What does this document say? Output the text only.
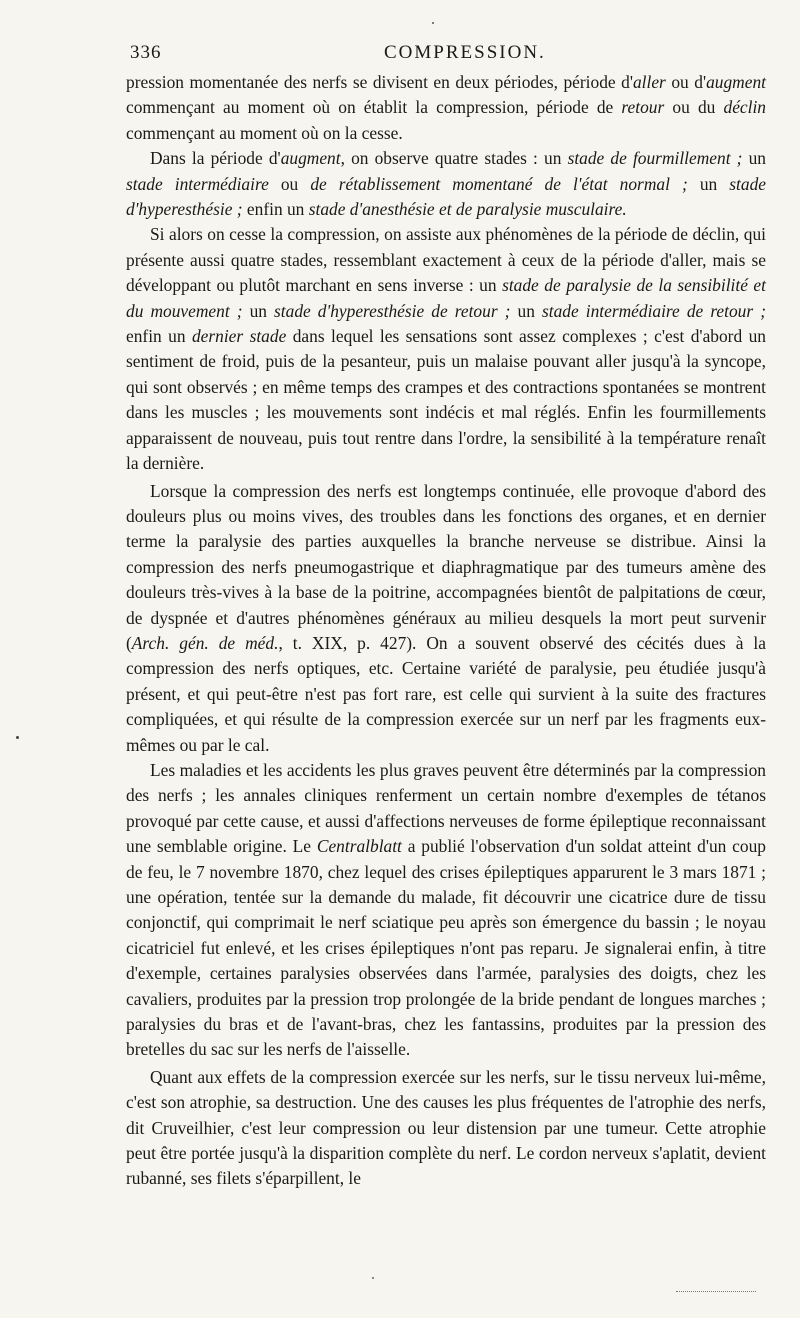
336	COMPRESSION.

pression momentanée des nerfs se divisent en deux périodes, période d'aller ou d'augment commençant au moment où on établit la compression, période de retour ou du déclin commençant au moment où on la cesse.

Dans la période d'augment, on observe quatre stades : un stade de fourmillement ; un stade intermédiaire ou de rétablissement momentané de l'état normal ; un stade d'hyperesthésie ; enfin un stade d'anesthésie et de paralysie musculaire.

Si alors on cesse la compression, on assiste aux phénomènes de la période de déclin, qui présente aussi quatre stades, ressemblant exactement à ceux de la période d'aller, mais se développant ou plutôt marchant en sens inverse : un stade de paralysie de la sensibilité et du mouvement ; un stade d'hyperesthésie de retour ; un stade intermédiaire de retour ; enfin un dernier stade dans lequel les sensations sont assez complexes ; c'est d'abord un sentiment de froid, puis de la pesanteur, puis un malaise pouvant aller jusqu'à la syncope, qui sont observés ; en même temps des crampes et des contractions spontanées se montrent dans les muscles ; les mouvements sont indécis et mal réglés. Enfin les fourmillements apparaissent de nouveau, puis tout rentre dans l'ordre, la sensibilité à la température renaît la dernière.

Lorsque la compression des nerfs est longtemps continuée, elle provoque d'abord des douleurs plus ou moins vives, des troubles dans les fonctions des organes, et en dernier terme la paralysie des parties auxquelles la branche nerveuse se distribue. Ainsi la compression des nerfs pneumogastrique et diaphragmatique par des tumeurs amène des douleurs très-vives à la base de la poitrine, accompagnées bientôt de palpitations de cœur, de dyspnée et d'autres phénomènes généraux au milieu desquels la mort peut survenir (Arch. gén. de méd., t. XIX, p. 427). On a souvent observé des cécités dues à la compression des nerfs optiques, etc. Certaine variété de paralysie, peu étudiée jusqu'à présent, et qui peut-être n'est pas fort rare, est celle qui survient à la suite des fractures compliquées, et qui résulte de la compression exercée sur un nerf par les fragments eux-mêmes ou par le cal.

Les maladies et les accidents les plus graves peuvent être déterminés par la compression des nerfs ; les annales cliniques renferment un certain nombre d'exemples de tétanos provoqué par cette cause, et aussi d'affections nerveuses de forme épileptique reconnaissant une semblable origine. Le Centralblatt a publié l'observation d'un soldat atteint d'un coup de feu, le 7 novembre 1870, chez lequel des crises épileptiques apparurent le 3 mars 1871 ; une opération, tentée sur la demande du malade, fit découvrir une cicatrice dure de tissu conjonctif, qui comprimait le nerf sciatique peu après son émergence du bassin ; le noyau cicatriciel fut enlevé, et les crises épileptiques n'ont pas reparu. Je signalerai enfin, à titre d'exemple, certaines paralysies observées dans l'armée, paralysies des doigts, chez les cavaliers, produites par la pression trop prolongée de la bride pendant de longues marches ; paralysies du bras et de l'avant-bras, chez les fantassins, produites par la pression des bretelles du sac sur les nerfs de l'aisselle.

Quant aux effets de la compression exercée sur les nerfs, sur le tissu nerveux lui-même, c'est son atrophie, sa destruction. Une des causes les plus fréquentes de l'atrophie des nerfs, dit Cruveilhier, c'est leur compression ou leur distension par une tumeur. Cette atrophie peut être portée jusqu'à la disparition complète du nerf. Le cordon nerveux s'aplatit, devient rubanné, ses filets s'éparpillent, le
